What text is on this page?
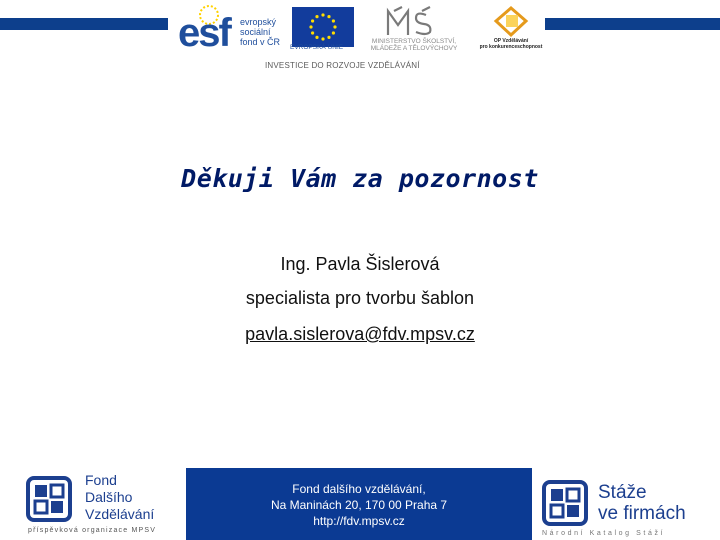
esf evropský
sociální
fond v ČR
EVROPSKÁ UNIE
MINISTERSTVO ŠKOLSTVÍ,
MLÁDEŽE A TĚLOVÝCHOVY
OP Vzdělávání
pro konkurenceschopnost
INVESTICE DO ROZVOJE VZDĚLÁVÁNÍ
Děkuji Vám za pozornost
Ing. Pavla Šislerová
specialista pro tvorbu šablon
pavla.sislerova@fdv.mpsv.cz
Fond
Dalšího
Vzdělávání
příspěvková organizace MPSV
Fond dalšího vzdělávání,
Na Maninách 20, 170 00 Praha 7
http://fdv.mpsv.cz
Stáže
ve firmách
Národní Katalog Stáží
